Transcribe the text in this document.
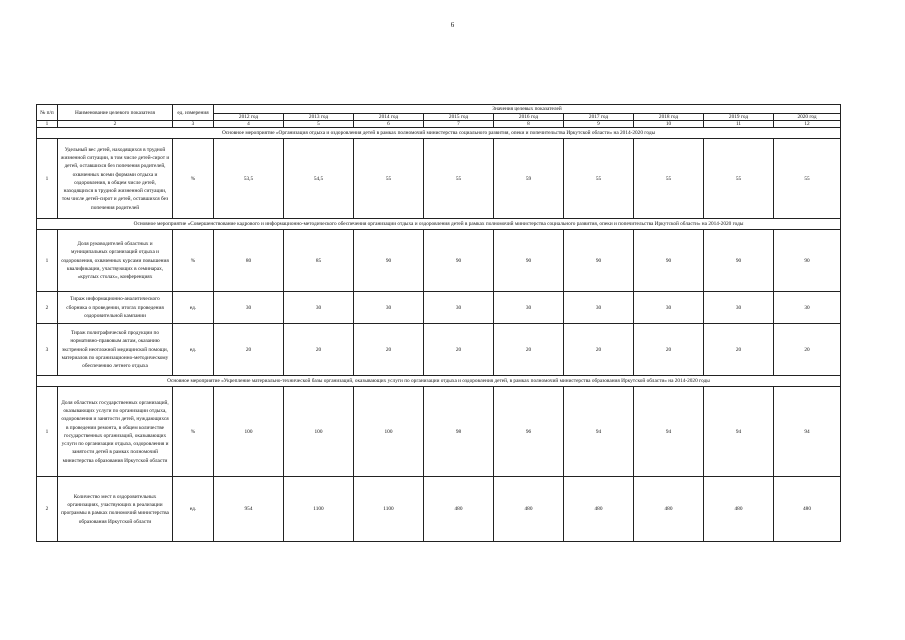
6
№ п/п	Наименование целевого показателя	ед. измерения	Значения целевых показателей								
			2012 год	2013 год	2014 год	2015 год	2016 год	2017 год	2018 год	2019 год	2020 год
1	2	3	4	5	6	7	8	9	10	11	12
Основное мероприятие «Организация отдыха и оздоровления детей в рамках полномочий министерства социального развития, опеки и попечительства Иркутской области» на 2014-2020 годы											
1	Удельный вес детей, находящихся в трудной жизненной ситуации, в том числе детей-сирот и детей, оставшихся без попечения родителей, охваченных всеми формами отдыха и оздоровления, в общем числе детей, находящихся в трудной жизненной ситуации, том числе детей-сирот и детей, оставшихся без попечения родителей	%	53,5	54,5	55	55	59	55	55	55	55
Основное мероприятие «Совершенствование кадрового и информационно-методического обеспечения организации отдыха и оздоровления детей в рамках полномочий министерства социального развития, опеки и попечительства Иркутской области» на 2014-2020 годы											
1	Доля руководителей областных и муниципальных организаций отдыха и оздоровления, охваченных курсами повышения квалификации, участвующих в семинарах, «круглых столах», конференциях	%	80	85	90	90	90	90	90	90	90
2	Тираж информационно-аналитического сборника о проведении, итогах проведения оздоровительной кампании	ед.	30	30	30	30	30	30	30	30	30
3	Тираж полиграфической продукции по нормативно-правовым актам, оказанию экстренной неотложной медицинской помощи, материалов по организационно-методическому обеспечению летнего отдыха	ед.	20	20	20	20	20	20	20	20	20
Основное мероприятие «Укрепление материально-технической базы организаций, оказывающих услуги по организации отдыха и оздоровления детей, в рамках полномочий министерства образования Иркутской области» на 2014-2020 годы											
1	Доля областных государственных организаций, оказывающих услуги по организации отдыха, оздоровления и занятости детей, нуждающихся в проведении ремонта, в общем количестве государственных организаций, оказывающих услуги по организации отдыха, оздоровления и занятости детей в рамках полномочий министерства образования Иркутской области	%	100	100	100	98	96	94	94	94	94
2	Количество мест в оздоровительных организациях, участвующих в реализации программы в рамках полномочий министерства образования Иркутской области	ед.	954	1100	1100	480	480	480	480	480	480
